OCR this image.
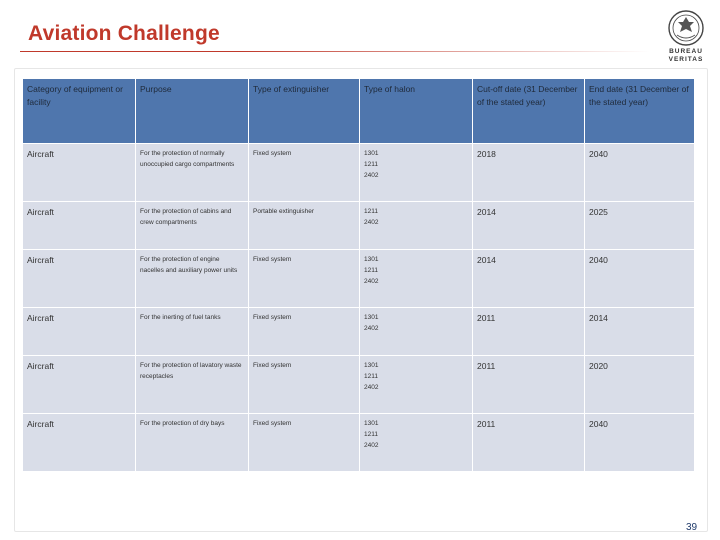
Aviation Challenge
BUREAU
VERITAS
Category of equipment or facility	Purpose	Type of extinguisher	Type of halon	Cut-off date (31 December of the stated year)	End date (31 December of the stated year)
Aircraft	For the protection of normally unoccupied cargo compartments	Fixed system	1301
1211
2402	2018	2040
Aircraft	For the protection of cabins and crew compartments	Portable extinguisher	1211
2402	2014	2025
Aircraft	For the protection of engine nacelles and auxiliary power units	Fixed system	1301
1211
2402	2014	2040
Aircraft	For the inerting of fuel tanks	Fixed system	1301
2402	2011	2014
Aircraft	For the protection of lavatory waste receptacles	Fixed system	1301
1211
2402	2011	2020
Aircraft	For the protection of dry bays	Fixed system	1301
1211
2402	2011	2040
39
